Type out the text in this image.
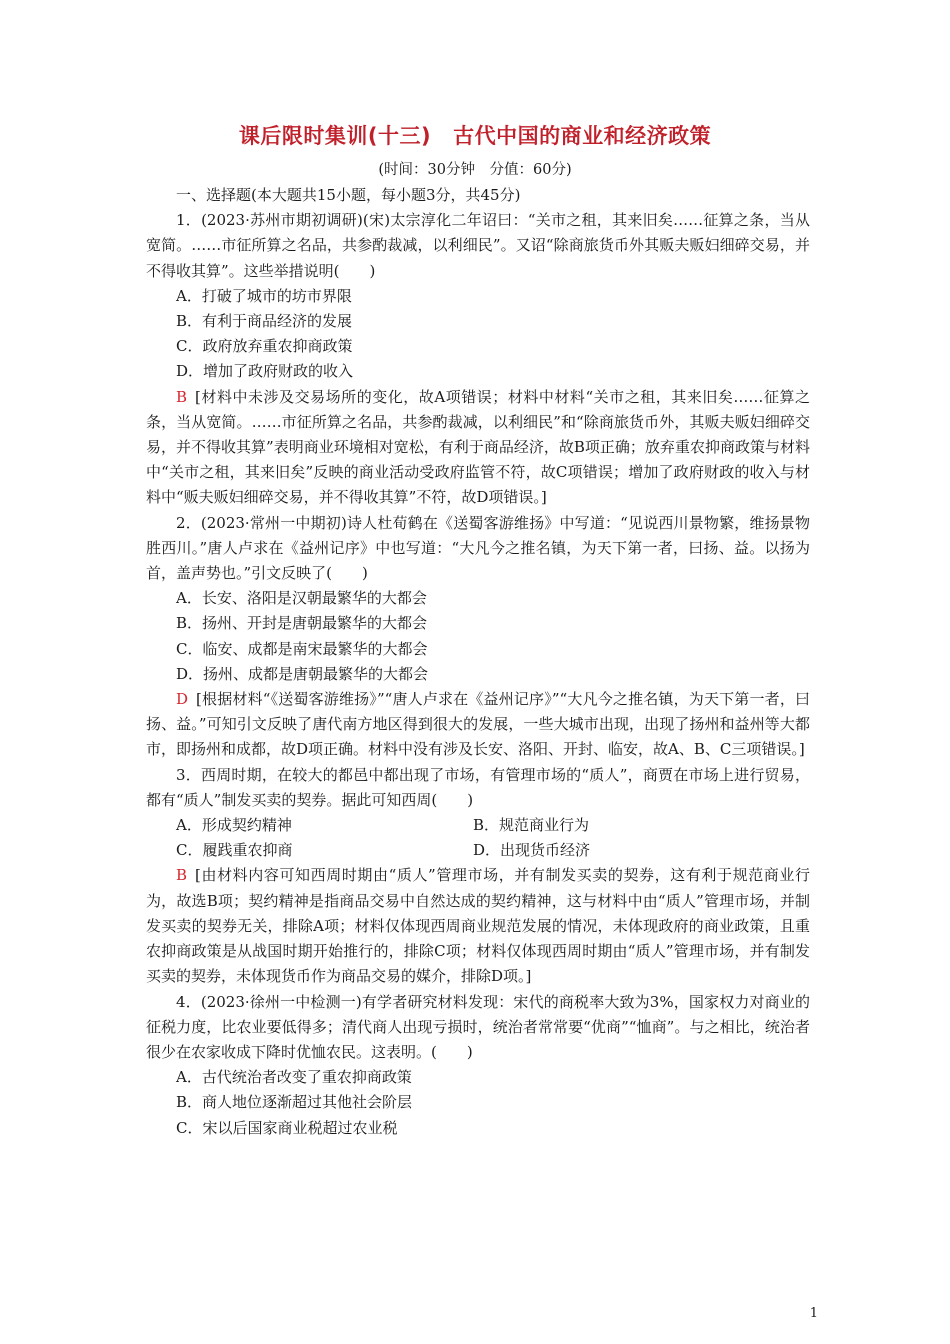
课后限时集训(十三) 古代中国的商业和经济政策
(时间：30分钟　分值：60分)

一、选择题(本大题共15小题，每小题3分，共45分)

1．(2023·苏州市期初调研)(宋)太宗淳化二年诏曰：“关市之租，其来旧矣……征算之条，当从宽简。……市征所算之名品，共参酌裁减，以利细民”。又诏“除商旅货币外其贩夫贩妇细碎交易，并不得收其算”。这些举措说明(　　)

A．打破了城市的坊市界限

B．有利于商品经济的发展

C．政府放弃重农抑商政策

D．增加了政府财政的收入

B [材料中未涉及交易场所的变化，故A项错误；材料中材料“关市之租，其来旧矣……征算之条，当从宽简。……市征所算之名品，共参酌裁减，以利细民”和“除商旅货币外，其贩夫贩妇细碎交易，并不得收其算”表明商业环境相对宽松，有利于商品经济，故B项正确；放弃重农抑商政策与材料中“关市之租，其来旧矣”反映的商业活动受政府监管不符，故C项错误；增加了政府财政的收入与材料中“贩夫贩妇细碎交易，并不得收其算”不符，故D项错误。]

2．(2023·常州一中期初)诗人杜荀鹤在《送蜀客游维扬》中写道：“见说西川景物繁，维扬景物胜西川。”唐人卢求在《益州记序》中也写道：“大凡今之推名镇，为天下第一者，曰扬、益。以扬为首，盖声势也。”引文反映了(　　)

A．长安、洛阳是汉朝最繁华的大都会

B．扬州、开封是唐朝最繁华的大都会

C．临安、成都是南宋最繁华的大都会

D．扬州、成都是唐朝最繁华的大都会

D [根据材料“《送蜀客游维扬》”“唐人卢求在《益州记序》”“大凡今之推名镇，为天下第一者，曰扬、益。”可知引文反映了唐代南方地区得到很大的发展，一些大城市出现，出现了扬州和益州等大都市，即扬州和成都，故D项正确。材料中没有涉及长安、洛阳、开封、临安，故A、B、C三项错误。]

3．西周时期，在较大的都邑中都出现了市场，有管理市场的“质人”，商贾在市场上进行贸易，都有“质人”制发买卖的契券。据此可知西周(　　)

A．形成契约精神	B．规范商业行为
C．履践重农抑商	D．出现货币经济

B [由材料内容可知西周时期由“质人”管理市场，并有制发买卖的契券，这有利于规范商业行为，故选B项；契约精神是指商品交易中自然达成的契约精神，这与材料中由“质人”管理市场，并制发买卖的契券无关，排除A项；材料仅体现西周商业规范发展的情况，未体现政府的商业政策，且重农抑商政策是从战国时期开始推行的，排除C项；材料仅体现西周时期由“质人”管理市场，并有制发买卖的契券，未体现货币作为商品交易的媒介，排除D项。]

4．(2023·徐州一中检测一)有学者研究材料发现：宋代的商税率大致为3%，国家权力对商业的征税力度，比农业要低得多；清代商人出现亏损时，统治者常常要“优商”“恤商”。与之相比，统治者很少在农家收成下降时优恤农民。这表明。(　　)

A．古代统治者改变了重农抑商政策

B．商人地位逐渐超过其他社会阶层

C．宋以后国家商业税超过农业税

1
